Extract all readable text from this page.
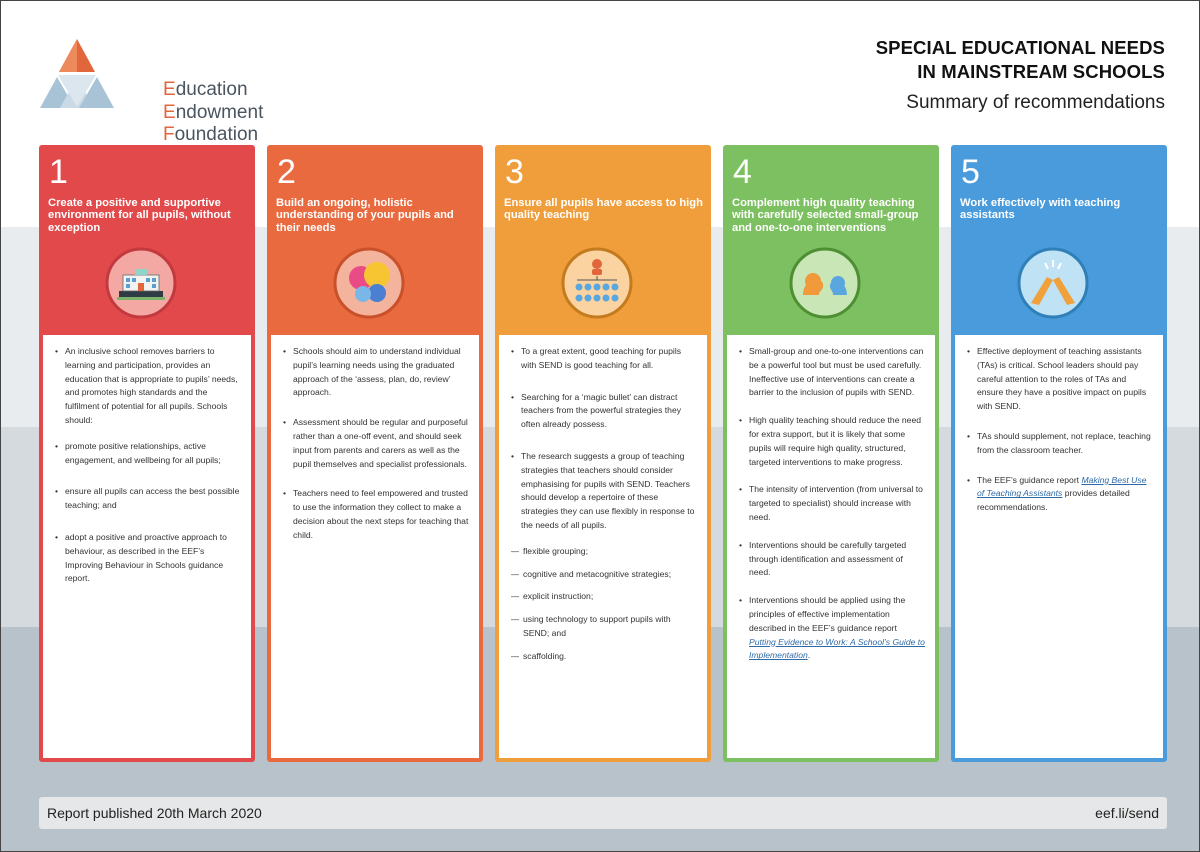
Education
Endowment
Foundation
SPECIAL EDUCATIONAL NEEDS
IN MAINSTREAM SCHOOLS
Summary of recommendations
1
Create a positive and supportive environment for all pupils, without exception
• An inclusive school removes barriers to learning and participation, provides an education that is appropriate to pupils’ needs, and promotes high standards and the fulfilment of potential for all pupils. Schools should:
• promote positive relationships, active engagement, and wellbeing for all pupils;
• ensure all pupils can access the best possible teaching; and
• adopt a positive and proactive approach to behaviour, as described in the EEF’s Improving Behaviour in Schools guidance report.
2
Build an ongoing, holistic understanding of your pupils and their needs
• Schools should aim to understand individual pupil’s learning needs using the graduated approach of the ‘assess, plan, do, review’ approach.
• Assessment should be regular and purposeful rather than a one-off event, and should seek input from parents and carers as well as the pupil themselves and specialist professionals.
• Teachers need to feel empowered and trusted to use the information they collect to make a decision about the next steps for teaching that child.
3
Ensure all pupils have access to high quality teaching
• To a great extent, good teaching for pupils with SEND is good teaching for all.
• Searching for a ‘magic bullet’ can distract teachers from the powerful strategies they often already possess.
• The research suggests a group of teaching strategies that teachers should consider emphasising for pupils with SEND. Teachers should develop a repertoire of these strategies they can use flexibly in response to the needs of all pupils.
— flexible grouping;
— cognitive and metacognitive strategies;
— explicit instruction;
— using technology to support pupils with SEND; and
— scaffolding.
4
Complement high quality teaching with carefully selected small-group and one-to-one interventions
• Small-group and one-to-one interventions can be a powerful tool but must be used carefully. Ineffective use of interventions can create a barrier to the inclusion of pupils with SEND.
• High quality teaching should reduce the need for extra support, but it is likely that some pupils will require high quality, structured, targeted interventions to make progress.
• The intensity of intervention (from universal to targeted to specialist) should increase with need.
• Interventions should be carefully targeted through identification and assessment of need.
• Interventions should be applied using the principles of effective implementation described in the EEF’s guidance report Putting Evidence to Work: A School’s Guide to Implementation.
5
Work effectively with teaching assistants
• Effective deployment of teaching assistants (TAs) is critical. School leaders should pay careful attention to the roles of TAs and ensure they have a positive impact on pupils with SEND.
• TAs should supplement, not replace, teaching from the classroom teacher.
• The EEF’s guidance report Making Best Use of Teaching Assistants provides detailed recommendations.
Report published 20th March 2020	eef.li/send
